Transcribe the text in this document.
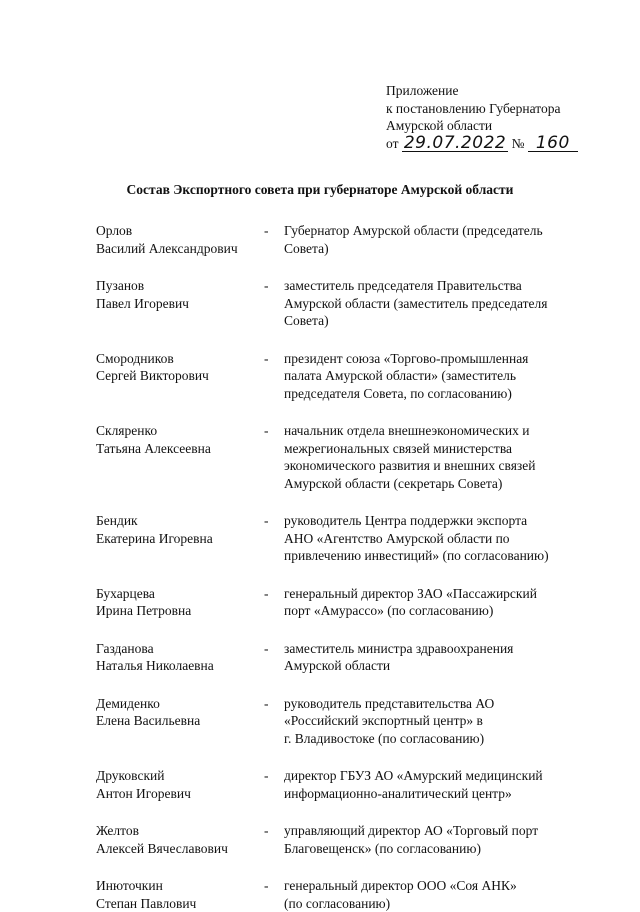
Приложение
к постановлению Губернатора
Амурской области
от 29.07.2022 № 160
Состав Экспортного совета при губернаторе Амурской области
Орлов
Василий Александрович
-	Губернатор Амурской области (председатель
Совета)
Пузанов
Павел Игоревич
-	заместитель председателя Правительства
Амурской области (заместитель председателя
Совета)
Смородников
Сергей Викторович
-	президент союза «Торгово-промышленная
палата Амурской области» (заместитель
председателя Совета, по согласованию)
Скляренко
Татьяна Алексеевна
-	начальник отдела внешнеэкономических и
межрегиональных связей министерства
экономического развития и внешних связей
Амурской области (секретарь Совета)
Бендик
Екатерина Игоревна
-	руководитель Центра поддержки экспорта
АНО «Агентство Амурской области по
привлечению инвестиций» (по согласованию)
Бухарцева
Ирина Петровна
-	генеральный директор ЗАО «Пассажирский
порт «Амурассо» (по согласованию)
Газданова
Наталья Николаевна
-	заместитель министра здравоохранения
Амурской области
Демиденко
Елена Васильевна
-	руководитель представительства АО
«Российский экспортный центр» в
г. Владивостоке (по согласованию)
Друковский
Антон Игоревич
-	директор ГБУЗ АО «Амурский медицинский
информационно-аналитический центр»
Желтов
Алексей Вячеславович
-	управляющий директор АО «Торговый порт
Благовещенск» (по согласованию)
Инюточкин
Степан Павлович
-	генеральный директор ООО «Соя АНК»
(по согласованию)
